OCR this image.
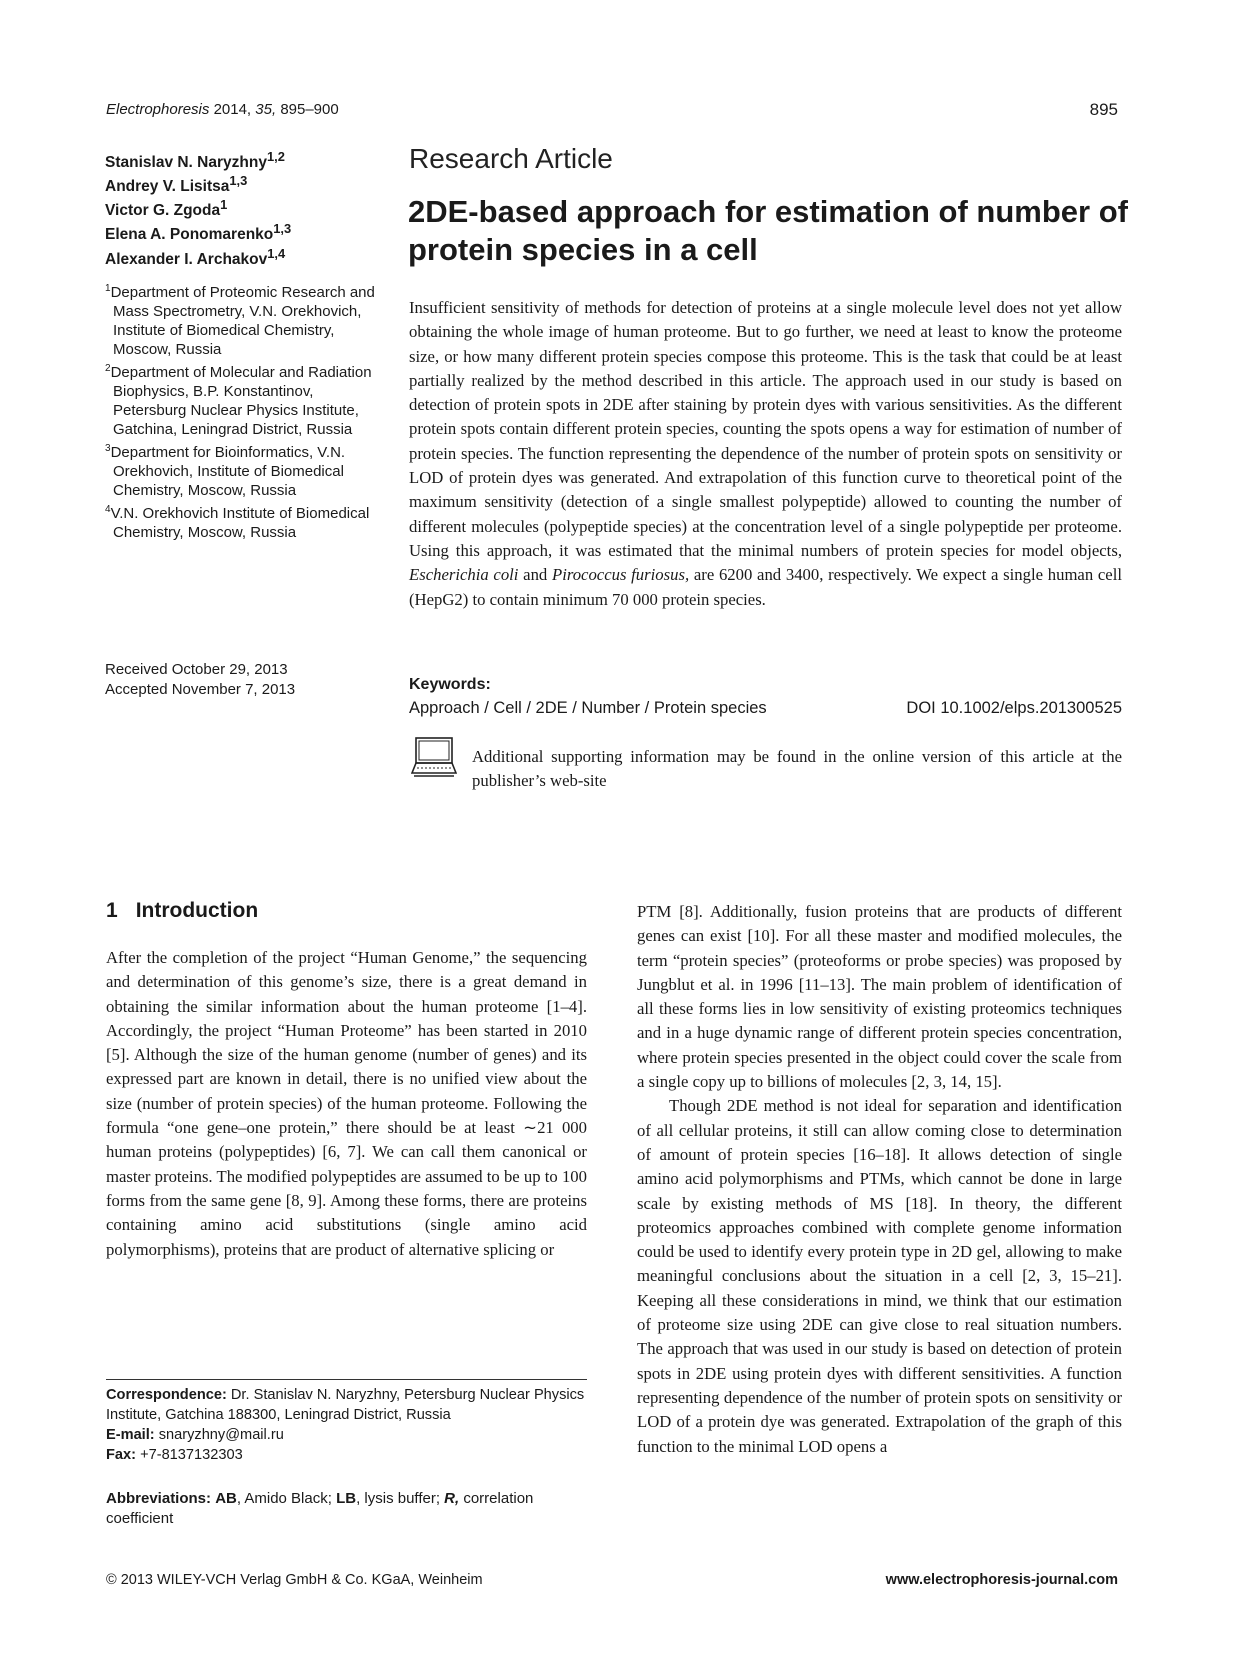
Electrophoresis 2014, 35, 895–900	895
Stanislav N. Naryzhny$^{1,2}$
Andrey V. Lisitsa$^{1,3}$
Victor G. Zgoda$^1$
Elena A. Ponomarenko$^{1,3}$
Alexander I. Archakov$^{1,4}$
$^1$Department of Proteomic Research and Mass Spectrometry, V.N. Orekhovich, Institute of Biomedical Chemistry, Moscow, Russia
$^2$Department of Molecular and Radiation Biophysics, B.P. Konstantinov, Petersburg Nuclear Physics Institute, Gatchina, Leningrad District, Russia
$^3$Department for Bioinformatics, V.N. Orekhovich, Institute of Biomedical Chemistry, Moscow, Russia
$^4$V.N. Orekhovich Institute of Biomedical Chemistry, Moscow, Russia
Received October 29, 2013
Accepted November 7, 2013
Research Article
2DE-based approach for estimation of number of protein species in a cell
Insufficient sensitivity of methods for detection of proteins at a single molecule level does not yet allow obtaining the whole image of human proteome. But to go further, we need at least to know the proteome size, or how many different protein species compose this proteome. This is the task that could be at least partially realized by the method described in this article. The approach used in our study is based on detection of protein spots in 2DE after staining by protein dyes with various sensitivities. As the different protein spots contain different protein species, counting the spots opens a way for estimation of number of protein species. The function representing the dependence of the number of protein spots on sensitivity or LOD of protein dyes was generated. And extrapolation of this function curve to theoretical point of the maximum sensitivity (detection of a single smallest polypeptide) allowed to counting the number of different molecules (polypeptide species) at the concentration level of a single polypeptide per proteome. Using this approach, it was estimated that the minimal numbers of protein species for model objects, Escherichia coli and Pirococcus furiosus, are 6200 and 3400, respectively. We expect a single human cell (HepG2) to contain minimum 70 000 protein species.
Keywords:
Approach / Cell / 2DE / Number / Protein species	DOI 10.1002/elps.201300525
Additional supporting information may be found in the online version of this article at the publisher’s web-site
1 Introduction
After the completion of the project “Human Genome,” the sequencing and determination of this genome’s size, there is a great demand in obtaining the similar information about the human proteome [1–4]. Accordingly, the project “Human Proteome” has been started in 2010 [5]. Although the size of the human genome (number of genes) and its expressed part are known in detail, there is no unified view about the size (number of protein species) of the human proteome. Following the formula “one gene–one protein,” there should be at least ∼21 000 human proteins (polypeptides) [6, 7]. We can call them canonical or master proteins. The modified polypeptides are assumed to be up to 100 forms from the same gene [8, 9]. Among these forms, there are proteins containing amino acid substitutions (single amino acid polymorphisms), proteins that are product of alternative splicing or
Correspondence: Dr. Stanislav N. Naryzhny, Petersburg Nuclear Physics Institute, Gatchina 188300, Leningrad District, Russia
E-mail: snaryzhny@mail.ru
Fax: +7-8137132303
Abbreviations: AB, Amido Black; LB, lysis buffer; R, correlation coefficient

PTM [8]. Additionally, fusion proteins that are products of different genes can exist [10]. For all these master and modified molecules, the term “protein species” (proteoforms or probe species) was proposed by Jungblut et al. in 1996 [11–13]. The main problem of identification of all these forms lies in low sensitivity of existing proteomics techniques and in a huge dynamic range of different protein species concentration, where protein species presented in the object could cover the scale from a single copy up to billions of molecules [2, 3, 14, 15].

Though 2DE method is not ideal for separation and identification of all cellular proteins, it still can allow coming close to determination of amount of protein species [16–18]. It allows detection of single amino acid polymorphisms and PTMs, which cannot be done in large scale by existing methods of MS [18]. In theory, the different proteomics approaches combined with complete genome information could be used to identify every protein type in 2D gel, allowing to make meaningful conclusions about the situation in a cell [2, 3, 15–21]. Keeping all these considerations in mind, we think that our estimation of proteome size using 2DE can give close to real situation numbers. The approach that was used in our study is based on detection of protein spots in 2DE using protein dyes with different sensitivities. A function representing dependence of the number of protein spots on sensitivity or LOD of a protein dye was generated. Extrapolation of the graph of this function to the minimal LOD opens a

© 2013 WILEY-VCH Verlag GmbH & Co. KGaA, Weinheim	www.electrophoresis-journal.com
